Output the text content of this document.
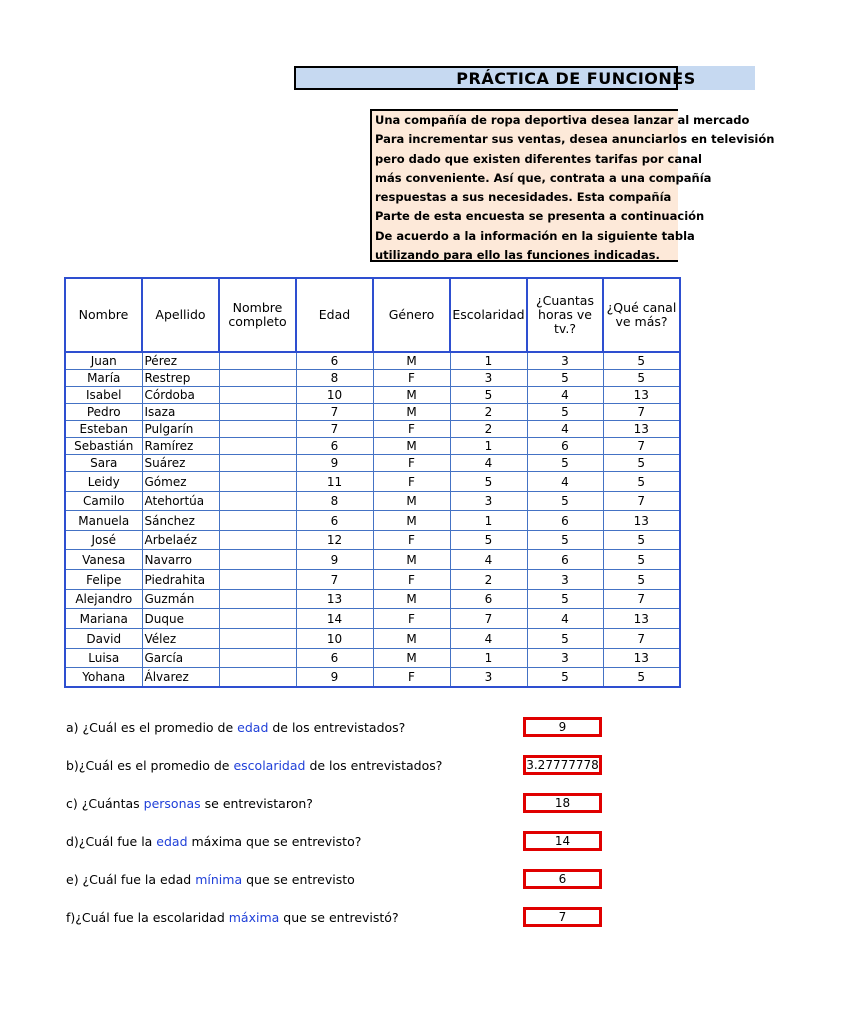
PRÁCTICA DE FUNCIONES
Una compañía de ropa deportiva desea lanzar al mercado
Para incrementar sus ventas, desea anunciarlos en televisión
pero dado que existen diferentes tarifas por canal
más conveniente. Así que, contrata a una compañía
respuestas a sus necesidades. Esta compañía
Parte de esta encuesta se presenta a continuación
De acuerdo a la información en la siguiente tabla
utilizando para ello las funciones indicadas.
Nombre	Apellido	Nombre completo	Edad	Género	Escolaridad	¿Cuantas horas ve tv.?	¿Qué canal ve más?
Juan	Pérez		6	M	1	3	5
María	Restrep		8	F	3	5	5
Isabel	Córdoba		10	M	5	4	13
Pedro	Isaza		7	M	2	5	7
Esteban	Pulgarín		7	F	2	4	13
Sebastián	Ramírez		6	M	1	6	7
Sara	Suárez		9	F	4	5	5
Leidy	Gómez		11	F	5	4	5
Camilo	Atehortúa		8	M	3	5	7
Manuela	Sánchez		6	M	1	6	13
José	Arbelaéz		12	F	5	5	5
Vanesa	Navarro		9	M	4	6	5
Felipe	Piedrahita		7	F	2	3	5
Alejandro	Guzmán		13	M	6	5	7
Mariana	Duque		14	F	7	4	13
David	Vélez		10	M	4	5	7
Luisa	García		6	M	1	3	13
Yohana	Álvarez		9	F	3	5	5
a) ¿Cuál es el promedio de edad de los entrevistados?	9
b)¿Cuál es el promedio de escolaridad de los entrevistados?	3.27777778
c) ¿Cuántas personas se entrevistaron?	18
d)¿Cuál fue la edad máxima que se entrevisto?	14
e) ¿Cuál fue la edad mínima que se entrevisto	6
f)¿Cuál fue la escolaridad máxima que se entrevistó?	7
